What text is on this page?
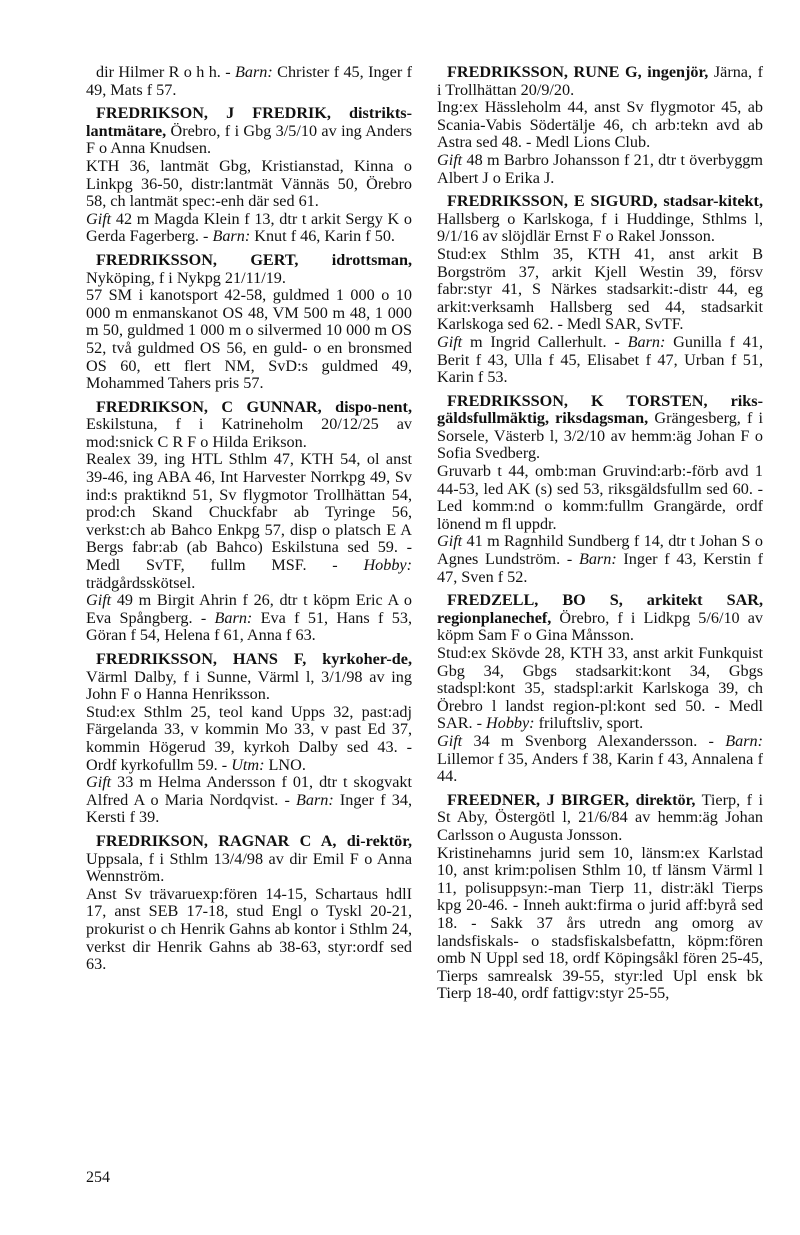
dir Hilmer R o h h. - Barn: Christer f 45, Inger f 49, Mats f 57.

FREDRIKSON, J FREDRIK, distrikts-lantmätare, Örebro, f i Gbg 3/5/10 av ing Anders F o Anna Knudsen.

KTH 36, lantmät Gbg, Kristianstad, Kinna o Linkpg 36-50, distr:lantmät Vännäs 50, Örebro 58, ch lantmät spec:-enh där sed 61.

Gift 42 m Magda Klein f 13, dtr t arkit Sergy K o Gerda Fagerberg. - Barn: Knut f 46, Karin f 50.

FREDRIKSSON, GERT, idrottsman, Nyköping, f i Nykpg 21/11/19.

57 SM i kanotsport 42-58, guldmed 1 000 o 10 000 m enmanskanot OS 48, VM 500 m 48, 1 000 m 50, guldmed 1 000 m o silvermed 10 000 m OS 52, två guldmed OS 56, en guld- o en bronsmed OS 60, ett flert NM, SvD:s guldmed 49, Mohammed Tahers pris 57.

FREDRIKSON, C GUNNAR, dispo-nent, Eskilstuna, f i Katrineholm 20/12/25 av mod:snick C R F o Hilda Erikson.

Realex 39, ing HTL Sthlm 47, KTH 54, ol anst 39-46, ing ABA 46, Int Harvester Norrkpg 49, Sv ind:s praktiknd 51, Sv flygmotor Trollhättan 54, prod:ch Skand Chuckfabr ab Tyringe 56, verkst:ch ab Bahco Enkpg 57, disp o platsch E A Bergs fabr:ab (ab Bahco) Eskilstuna sed 59. - Medl SvTF, fullm MSF. - Hobby: trädgårdsskötsel.

Gift 49 m Birgit Ahrin f 26, dtr t köpm Eric A o Eva Spångberg. - Barn: Eva f 51, Hans f 53, Göran f 54, Helena f 61, Anna f 63.

FREDRIKSSON, HANS F, kyrkoher-de, Värml Dalby, f i Sunne, Värml l, 3/1/98 av ing John F o Hanna Henriksson.

Stud:ex Sthlm 25, teol kand Upps 32, past:adj Färgelanda 33, v kommin Mo 33, v past Ed 37, kommin Högerud 39, kyrkoh Dalby sed 43. - Ordf kyrkofullm 59. - Utm: LNO.

Gift 33 m Helma Andersson f 01, dtr t skogvakt Alfred A o Maria Nordqvist. - Barn: Inger f 34, Kersti f 39.

FREDRIKSON, RAGNAR C A, di-rektör, Uppsala, f i Sthlm 13/4/98 av dir Emil F o Anna Wennström.

Anst Sv trävaruexp:fören 14-15, Schartaus hdlI 17, anst SEB 17-18, stud Engl o Tyskl 20-21, prokurist o ch Henrik Gahns ab kontor i Sthlm 24, verkst dir Henrik Gahns ab 38-63, styr:ordf sed 63.

FREDRIKSSON, RUNE G, ingenjör, Järna, f i Trollhättan 20/9/20.

Ing:ex Hässleholm 44, anst Sv flygmotor 45, ab Scania-Vabis Södertälje 46, ch arb:tekn avd ab Astra sed 48. - Medl Lions Club.

Gift 48 m Barbro Johansson f 21, dtr t överbyggm Albert J o Erika J.

FREDRIKSSON, E SIGURD, stadsar-kitekt, Hallsberg o Karlskoga, f i Huddinge, Sthlms l, 9/1/16 av slöjdlär Ernst F o Rakel Jonsson.

Stud:ex Sthlm 35, KTH 41, anst arkit B Borgström 37, arkit Kjell Westin 39, försv fabr:styr 41, S Närkes stadsarkit:-distr 44, eg arkit:verksamh Hallsberg sed 44, stadsarkit Karlskoga sed 62. - Medl SAR, SvTF.

Gift m Ingrid Callerhult. - Barn: Gunilla f 41, Berit f 43, Ulla f 45, Elisabet f 47, Urban f 51, Karin f 53.

FREDRIKSSON, K TORSTEN, riks-gäldsfullmäktig, riksdagsman, Grängesberg, f i Sorsele, Västerb l, 3/2/10 av hemm:äg Johan F o Sofia Svedberg.

Gruvarb t 44, omb:man Gruvind:arb:-förb avd 1 44-53, led AK (s) sed 53, riksgäldsfullm sed 60. - Led komm:nd o komm:fullm Grangärde, ordf lönend m fl uppdr.

Gift 41 m Ragnhild Sundberg f 14, dtr t Johan S o Agnes Lundström. - Barn: Inger f 43, Kerstin f 47, Sven f 52.

FREDZELL, BO S, arkitekt SAR, regionplanechef, Örebro, f i Lidkpg 5/6/10 av köpm Sam F o Gina Månsson.

Stud:ex Skövde 28, KTH 33, anst arkit Funkquist Gbg 34, Gbgs stadsarkit:kont 34, Gbgs stadspl:kont 35, stadspl:arkit Karlskoga 39, ch Örebro l landst region-pl:kont sed 50. - Medl SAR. - Hobby: friluftsliv, sport.

Gift 34 m Svenborg Alexandersson. - Barn: Lillemor f 35, Anders f 38, Karin f 43, Annalena f 44.

FREEDNER, J BIRGER, direktör, Tierp, f i St Aby, Östergötl l, 21/6/84 av hemm:äg Johan Carlsson o Augusta Jonsson.

Kristinehamns jurid sem 10, länsm:ex Karlstad 10, anst krim:polisen Sthlm 10, tf länsm Värml l 11, polisuppsyn:-man Tierp 11, distr:äkl Tierps kpg 20-46. - Inneh aukt:firma o jurid aff:byrå sed 18. - Sakk 37 års utredn ang omorg av landsfiskals- o stadsfiskalsbefattn, köpm:fören omb N Uppl sed 18, ordf Köpingsåkl fören 25-45, Tierps samrealsk 39-55, styr:led Upl ensk bk Tierp 18-40, ordf fattigv:styr 25-55,

254
